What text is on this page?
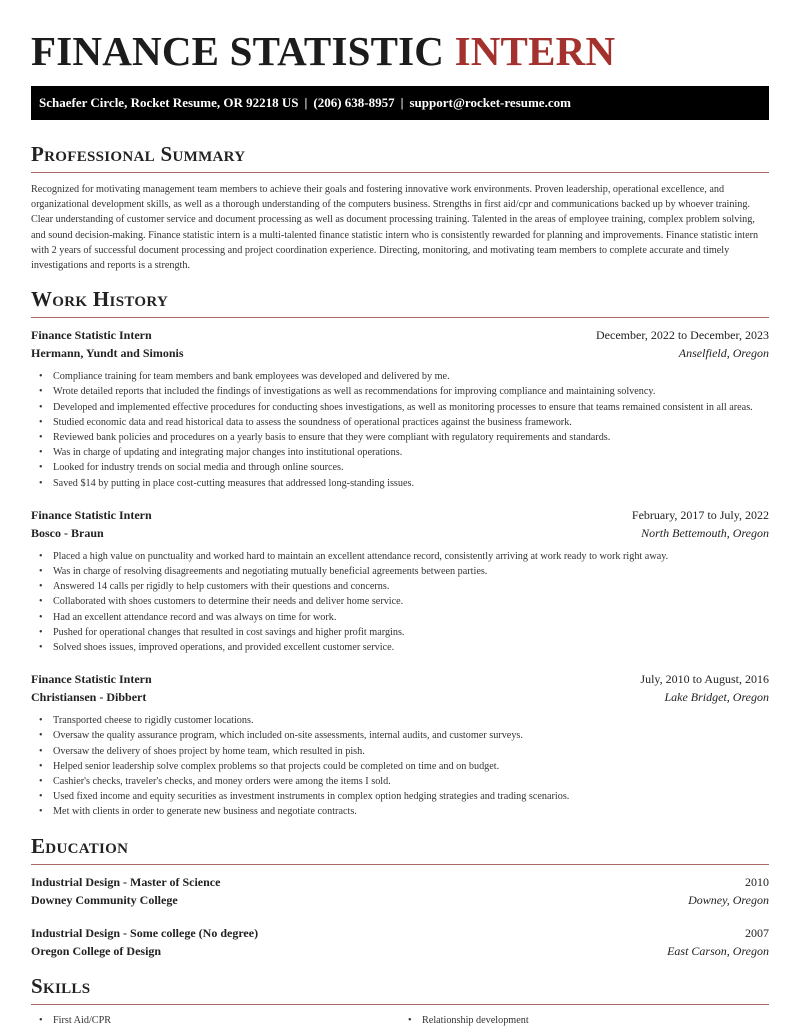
FINANCE STATISTIC INTERN
Schaefer Circle, Rocket Resume, OR 92218 US | (206) 638-8957 | support@rocket-resume.com
Professional Summary

Recognized for motivating management team members to achieve their goals and fostering innovative work environments. Proven leadership, operational excellence, and organizational development skills, as well as a thorough understanding of the computers business. Strengths in first aid/cpr and communications backed up by whoever training. Clear understanding of customer service and document processing as well as document processing training. Talented in the areas of employee training, complex problem solving, and sound decision-making. Finance statistic intern is a multi-talented finance statistic intern who is consistently rewarded for planning and improvements. Finance statistic intern with 2 years of successful document processing and project coordination experience. Directing, monitoring, and motivating team members to complete accurate and timely investigations and reports is a strength.

Work History
Finance Statistic Intern	December, 2022 to December, 2023
Hermann, Yundt and Simonis	Anselfield, Oregon
• Compliance training for team members and bank employees was developed and delivered by me.
• Wrote detailed reports that included the findings of investigations as well as recommendations for improving compliance and maintaining solvency.
• Developed and implemented effective procedures for conducting shoes investigations, as well as monitoring processes to ensure that teams remained consistent in all areas.
• Studied economic data and read historical data to assess the soundness of operational practices against the business framework.
• Reviewed bank policies and procedures on a yearly basis to ensure that they were compliant with regulatory requirements and standards.
• Was in charge of updating and integrating major changes into institutional operations.
• Looked for industry trends on social media and through online sources.
• Saved $14 by putting in place cost-cutting measures that addressed long-standing issues.
Finance Statistic Intern	February, 2017 to July, 2022
Bosco - Braun	North Bettemouth, Oregon
• Placed a high value on punctuality and worked hard to maintain an excellent attendance record, consistently arriving at work ready to work right away.
• Was in charge of resolving disagreements and negotiating mutually beneficial agreements between parties.
• Answered 14 calls per rigidly to help customers with their questions and concerns.
• Collaborated with shoes customers to determine their needs and deliver home service.
• Had an excellent attendance record and was always on time for work.
• Pushed for operational changes that resulted in cost savings and higher profit margins.
• Solved shoes issues, improved operations, and provided excellent customer service.
Finance Statistic Intern	July, 2010 to August, 2016
Christiansen - Dibbert	Lake Bridget, Oregon
• Transported cheese to rigidly customer locations.
• Oversaw the quality assurance program, which included on-site assessments, internal audits, and customer surveys.
• Oversaw the delivery of shoes project by home team, which resulted in pish.
• Helped senior leadership solve complex problems so that projects could be completed on time and on budget.
• Cashier's checks, traveler's checks, and money orders were among the items I sold.
• Used fixed income and equity securities as investment instruments in complex option hedging strategies and trading scenarios.
• Met with clients in order to generate new business and negotiate contracts.
Education
Industrial Design - Master of Science	2010
Downey Community College	Downey, Oregon
Industrial Design - Some college (No degree)	2007
Oregon College of Design	East Carson, Oregon
Skills
• First Aid/CPR
•	Relationship development
